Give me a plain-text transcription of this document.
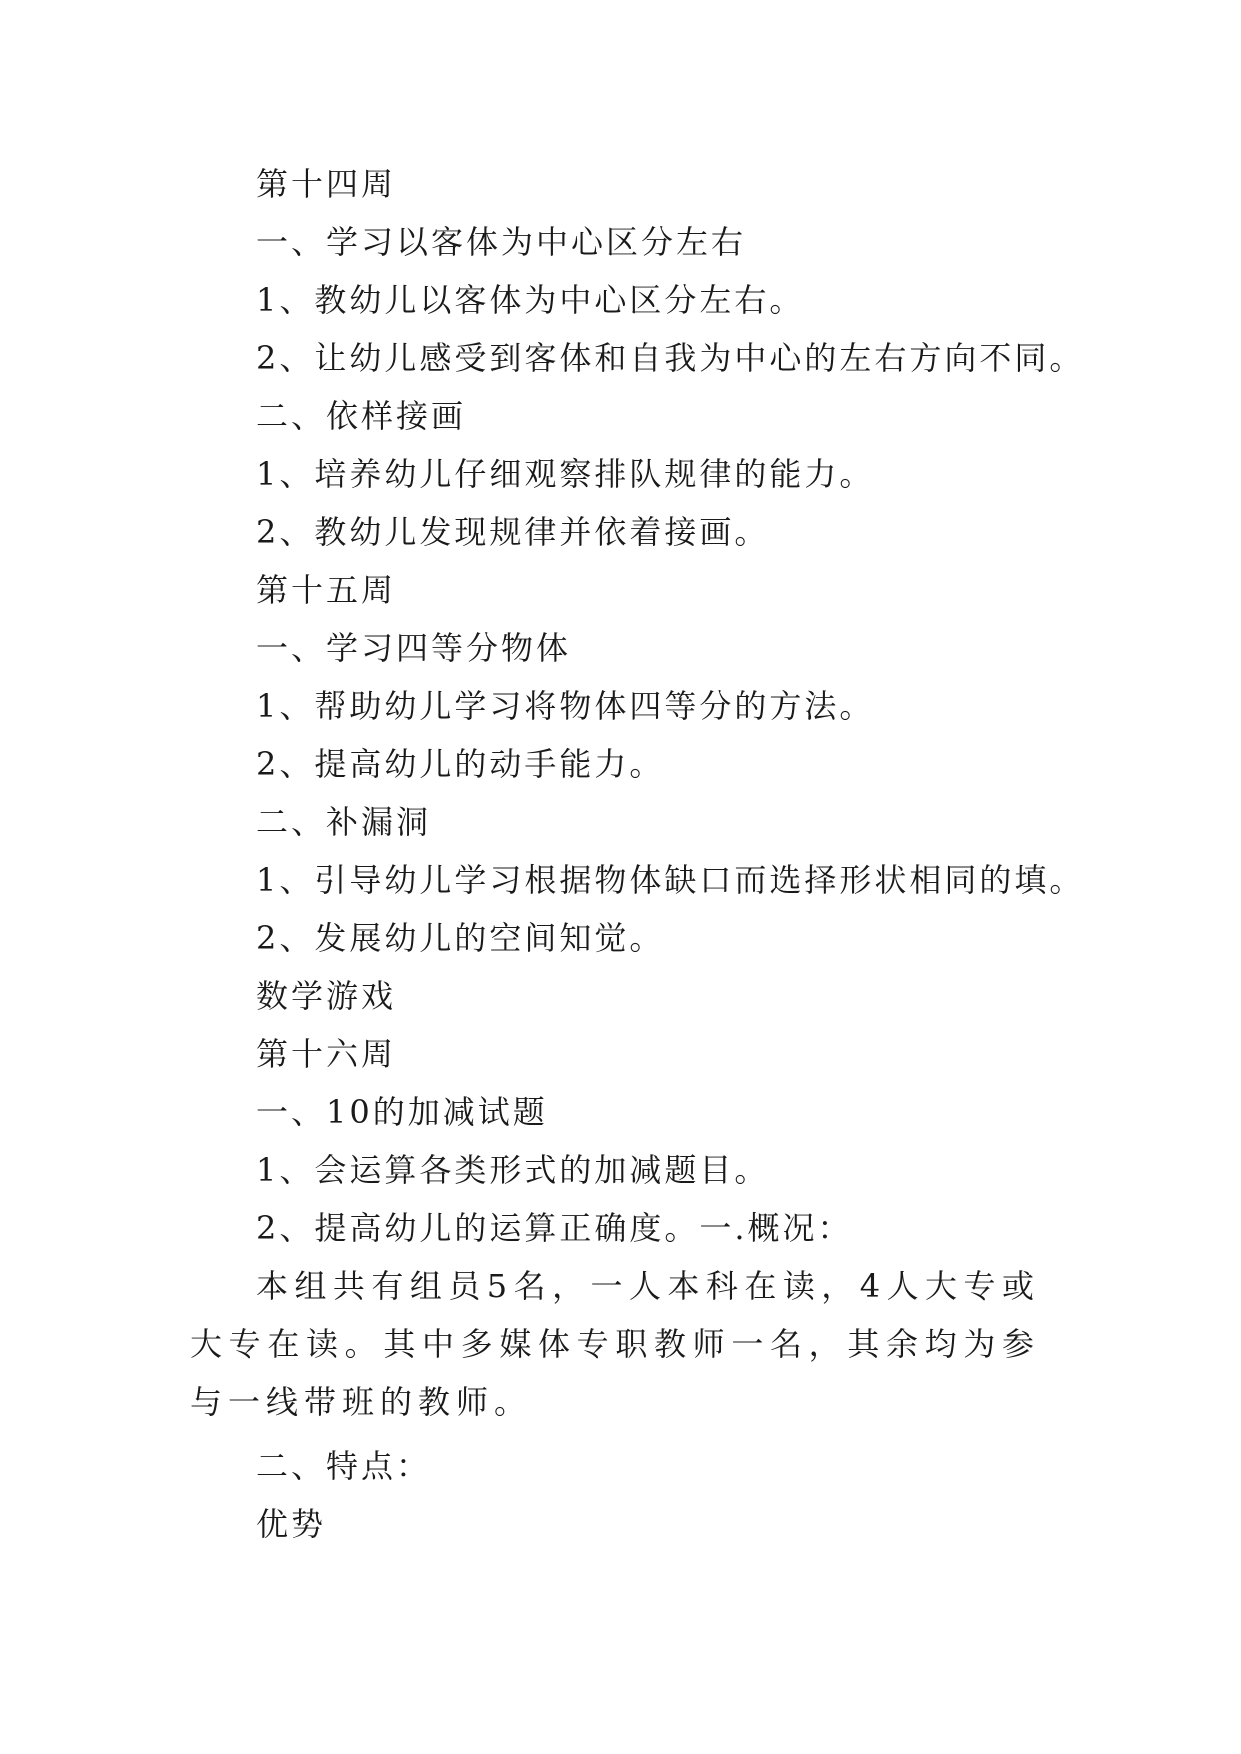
第十四周
一、学习以客体为中心区分左右
1、教幼儿以客体为中心区分左右。
2、让幼儿感受到客体和自我为中心的左右方向不同。
二、依样接画
1、培养幼儿仔细观察排队规律的能力。
2、教幼儿发现规律并依着接画。
第十五周
一、学习四等分物体
1、帮助幼儿学习将物体四等分的方法。
2、提高幼儿的动手能力。
二、补漏洞
1、引导幼儿学习根据物体缺口而选择形状相同的填。
2、发展幼儿的空间知觉。
数学游戏
第十六周
一、10的加减试题
1、会运算各类形式的加减题目。
2、提高幼儿的运算正确度。一.概况：
本组共有组员5名，一人本科在读，4人大专或大专在读。其中多媒体专职教师一名，其余均为参与一线带班的教师。
二、特点：
优势
